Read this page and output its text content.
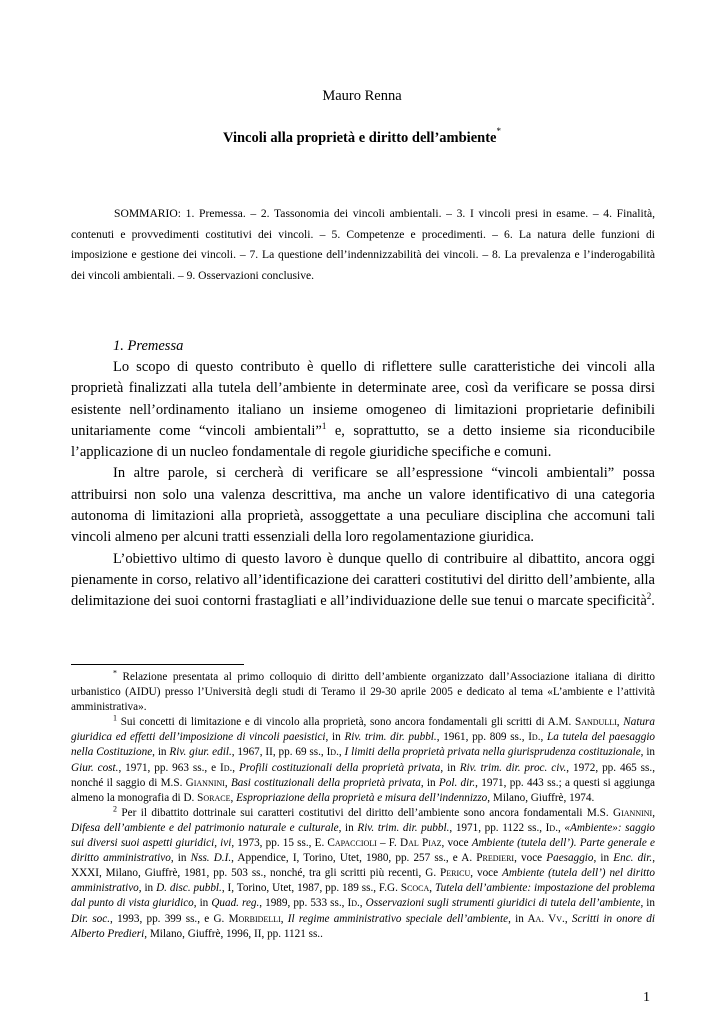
Mauro Renna
Vincoli alla proprietà e diritto dell’ambiente*
SOMMARIO: 1. Premessa. – 2. Tassonomia dei vincoli ambientali. – 3. I vincoli presi in esame. – 4. Finalità, contenuti e provvedimenti costitutivi dei vincoli. – 5. Competenze e procedimenti. – 6. La natura delle funzioni di imposizione e gestione dei vincoli. – 7. La questione dell’indennizzabilità dei vincoli. – 8. La prevalenza e l’inderogabilità dei vincoli ambientali. – 9. Osservazioni conclusive.
1. Premessa

Lo scopo di questo contributo è quello di riflettere sulle caratteristiche dei vincoli alla proprietà finalizzati alla tutela dell’ambiente in determinate aree, così da verificare se possa dirsi esistente nell’ordinamento italiano un insieme omogeneo di limitazioni proprietarie definibili unitariamente come “vincoli ambientali”$^1$ e, soprattutto, se a detto insieme sia riconducibile l’applicazione di un nucleo fondamentale di regole giuridiche specifiche e comuni.

In altre parole, si cercherà di verificare se all’espressione “vincoli ambientali” possa attribuirsi non solo una valenza descrittiva, ma anche un valore identificativo di una categoria autonoma di limitazioni alla proprietà, assoggettate a una peculiare disciplina che accomuni tali vincoli almeno per alcuni tratti essenziali della loro regolamentazione giuridica.

L’obiettivo ultimo di questo lavoro è dunque quello di contribuire al dibattito, ancora oggi pienamente in corso, relativo all’identificazione dei caratteri costitutivi del diritto dell’ambiente, alla delimitazione dei suoi contorni frastagliati e all’individuazione delle sue tenui o marcate specificità$^2$.

* Relazione presentata al primo colloquio di diritto dell’ambiente organizzato dall’Associazione italiana di diritto urbanistico (AIDU) presso l’Università degli studi di Teramo il 29-30 aprile 2005 e dedicato al tema «L’ambiente e l’attività amministrativa».

$^1$ Sui concetti di limitazione e di vincolo alla proprietà, sono ancora fondamentali gli scritti di A.M. Sandulli, Natura giuridica ed effetti dell’imposizione di vincoli paesistici, in Riv. trim. dir. pubbl., 1961, pp. 809 ss., Id., La tutela del paesaggio nella Costituzione, in Riv. giur. edil., 1967, II, pp. 69 ss., Id., I limiti della proprietà privata nella giurisprudenza costituzionale, in Giur. cost., 1971, pp. 963 ss., e Id., Profili costituzionali della proprietà privata, in Riv. trim. dir. proc. civ., 1972, pp. 465 ss., nonché il saggio di M.S. Giannini, Basi costituzionali della proprietà privata, in Pol. dir., 1971, pp. 443 ss.; a questi si aggiunga almeno la monografia di D. Sorace, Espropriazione della proprietà e misura dell’indennizzo, Milano, Giuffrè, 1974.

$^2$ Per il dibattito dottrinale sui caratteri costitutivi del diritto dell’ambiente sono ancora fondamentali M.S. Giannini, Difesa dell’ambiente e del patrimonio naturale e culturale, in Riv. trim. dir. pubbl., 1971, pp. 1122 ss., Id., «Ambiente»: saggio sui diversi suoi aspetti giuridici, ivi, 1973, pp. 15 ss., E. Capaccioli – F. Dal Piaz, voce Ambiente (tutela dell’). Parte generale e diritto amministrativo, in Nss. D.I., Appendice, I, Torino, Utet, 1980, pp. 257 ss., e A. Predieri, voce Paesaggio, in Enc. dir., XXXI, Milano, Giuffrè, 1981, pp. 503 ss., nonché, tra gli scritti più recenti, G. Pericu, voce Ambiente (tutela dell’) nel diritto amministrativo, in D. disc. pubbl., I, Torino, Utet, 1987, pp. 189 ss., F.G. Scoca, Tutela dell’ambiente: impostazione del problema dal punto di vista giuridico, in Quad. reg., 1989, pp. 533 ss., Id., Osservazioni sugli strumenti giuridici di tutela dell’ambiente, in Dir. soc., 1993, pp. 399 ss., e G. Morbidelli, Il regime amministrativo speciale dell’ambiente, in Aa. Vv., Scritti in onore di Alberto Predieri, Milano, Giuffrè, 1996, II, pp. 1121 ss..

1
